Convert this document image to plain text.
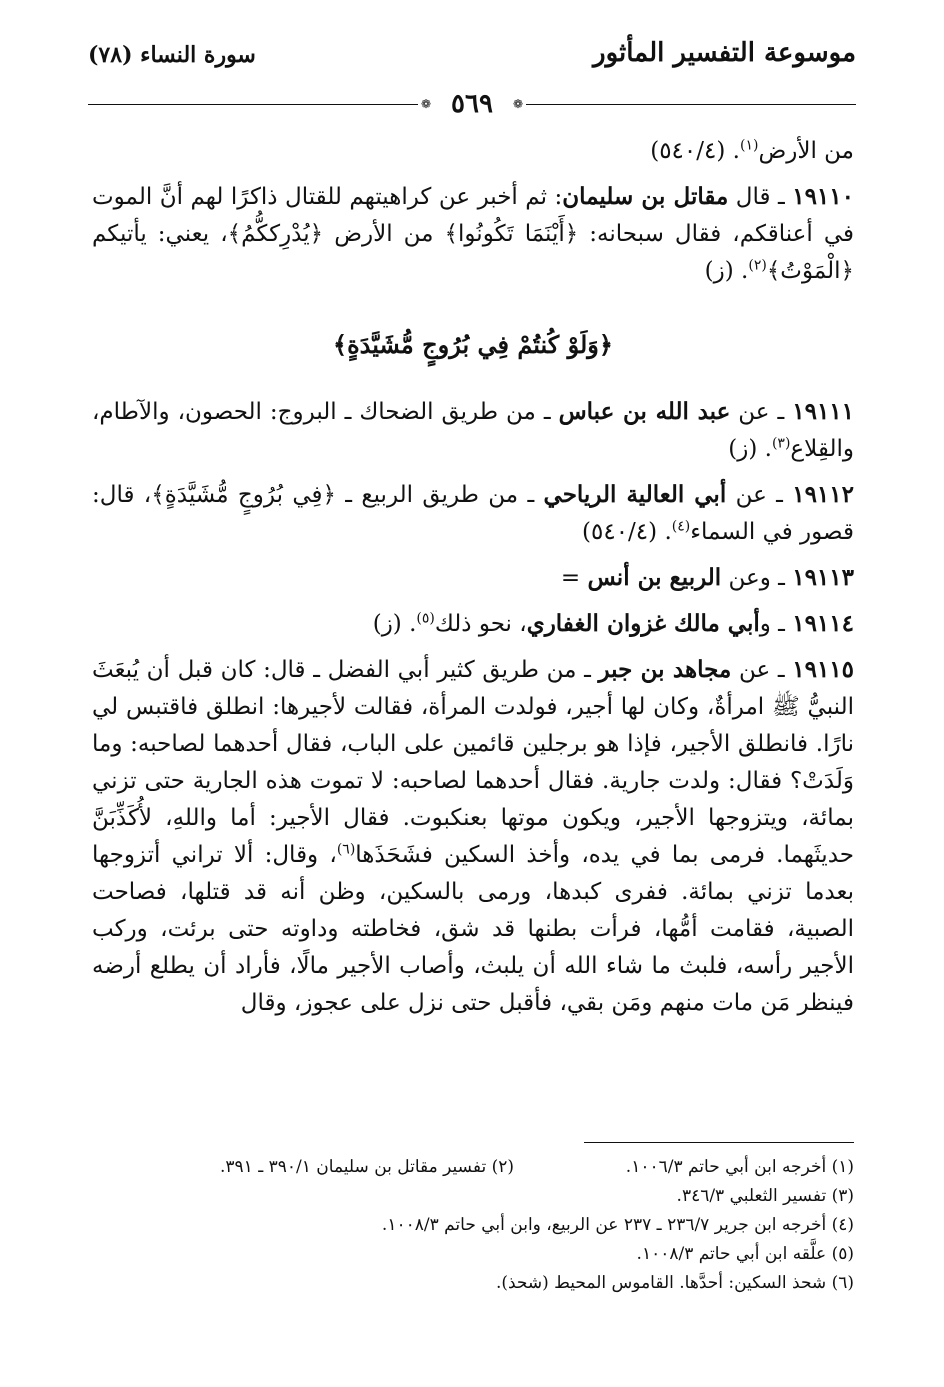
موسوعة التفسير المأثور
سورة النساء (٧٨)
❁
❁ ٥٦٩

من الأرض$^{(١)}$. (٥٤٠/٤)

١٩١١٠ ـ قال مقاتل بن سليمان: ثم أخبر عن كراهيتهم للقتال ذاكرًا لهم أنَّ الموت في أعناقكم، فقال سبحانه: ﴿أَيْنَمَا تَكُونُوا﴾ من الأرض ﴿يُدْرِككُّمُ﴾، يعني: يأتيكم ﴿الْمَوْتُ﴾$^{(٢)}$. (ز)

﴿وَلَوْ كُنتُمْ فِي بُرُوجٍ مُّشَيَّدَةٍ﴾

١٩١١١ ـ عن عبد الله بن عباس ـ من طريق الضحاك ـ البروج: الحصون، والآطام، والقِلاع$^{(٣)}$. (ز)

١٩١١٢ ـ عن أبي العالية الرياحي ـ من طريق الربيع ـ ﴿فِي بُرُوجٍ مُّشَيَّدَةٍ﴾، قال: قصور في السماء$^{(٤)}$. (٥٤٠/٤)

١٩١١٣ ـ وعن الربيع بن أنس =

١٩١١٤ ـ وأبي مالك غزوان الغفاري، نحو ذلك$^{(٥)}$. (ز)

١٩١١٥ ـ عن مجاهد بن جبر ـ من طريق كثير أبي الفضل ـ قال: كان قبل أن يُبعَثَ النبيُّ ﷺ امرأةٌ، وكان لها أجير، فولدت المرأة، فقالت لأجيرها: انطلق فاقتبس لي نارًا. فانطلق الأجير، فإذا هو برجلين قائمين على الباب، فقال أحدهما لصاحبه: وما وَلَدَتْ؟ فقال: ولدت جارية. فقال أحدهما لصاحبه: لا تموت هذه الجارية حتى تزني بمائة، ويتزوجها الأجير، ويكون موتها بعنكبوت. فقال الأجير: أما واللهِ، لأُكَذِّبَنَّ حديثَهما. فرمى بما في يده، وأخذ السكين فشَحَذَها$^{(٦)}$، وقال: ألا تراني أتزوجها بعدما تزني بمائة. ففرى كبدها، ورمى بالسكين، وظن أنه قد قتلها، فصاحت الصبية، فقامت أمُّها، فرأت بطنها قد شق، فخاطته وداوته حتى برئت، وركب الأجير رأسه، فلبث ما شاء الله أن يلبث، وأصاب الأجير مالًا، فأراد أن يطلع أرضه فينظر مَن مات منهم ومَن بقي، فأقبل حتى نزل على عجوز، وقال

(١) أخرجه ابن أبي حاتم ١٠٠٦/٣.
(٢) تفسير مقاتل بن سليمان ٣٩٠/١ ـ ٣٩١.
(٣) تفسير الثعلبي ٣٤٦/٣.
(٤) أخرجه ابن جرير ٢٣٦/٧ ـ ٢٣٧ عن الربيع، وابن أبي حاتم ١٠٠٨/٣.
(٥) علَّقه ابن أبي حاتم ١٠٠٨/٣.
(٦) شحذ السكين: أحدَّها. القاموس المحيط (شحذ).
